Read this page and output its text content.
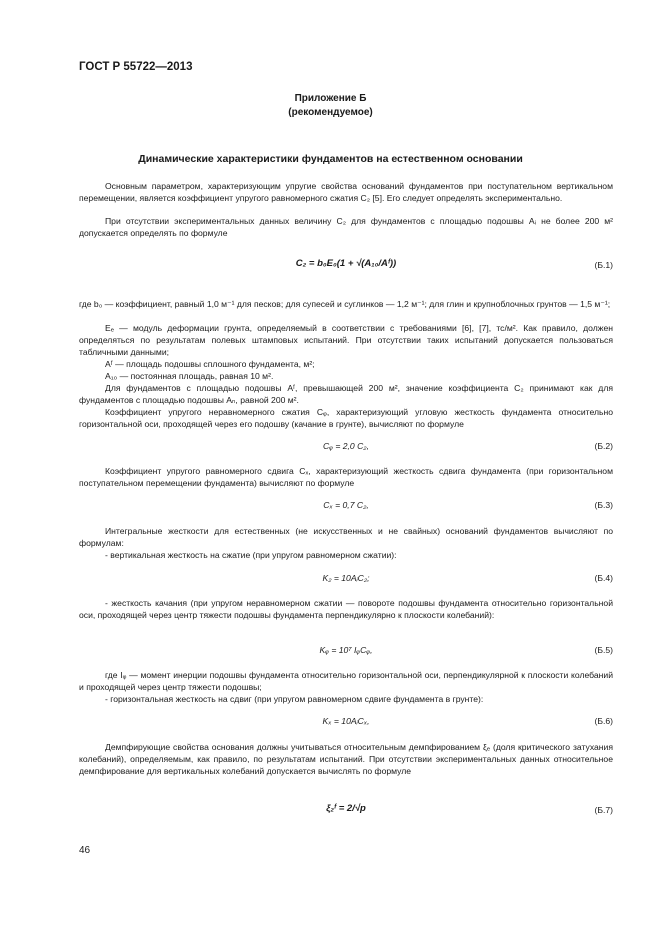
ГОСТ Р 55722—2013
Приложение Б
(рекомендуемое)
Динамические характеристики фундаментов на естественном основании
Основным параметром, характеризующим упругие свойства оснований фундаментов при поступательном вертикальном перемещении, является коэффициент упругого равномерного сжатия C₂ [5]. Его следует определять экспериментально.
При отсутствии экспериментальных данных величину C₂ для фундаментов с площадью подошвы Aᵢ не более 200 м² допускается определять по формуле
C₂ = b₀E₀(1 + √(A₁₀/Aᶠ))	(Б.1)
где b₀ — коэффициент, равный 1,0 м⁻¹ для песков; для супесей и суглинков — 1,2 м⁻¹; для глин и крупноблочных грунтов — 1,5 м⁻¹;
Eₑ — модуль деформации грунта, определяемый в соответствии с требованиями [6], [7], тс/м². Как правило, должен определяться по результатам полевых штамповых испытаний. При отсутствии таких испытаний допускается пользоваться табличными данными;
Aᶠ — площадь подошвы сплошного фундамента, м²;
A₁₀ — постоянная площадь, равная 10 м².
Для фундаментов с площадью подошвы Aᶠ, превышающей 200 м², значение коэффициента C₂ принимают как для фундаментов с площадью подошвы Aₙ, равной 200 м².
Коэффициент упругого неравномерного сжатия Cᵩ, характеризующий угловую жесткость фундамента относительно горизонтальной оси, проходящей через его подошву (качание в грунте), вычисляют по формуле
Cᵩ = 2,0 C₂,	(Б.2)
Коэффициент упругого равномерного сдвига Cₓ, характеризующий жесткость сдвига фундамента (при горизонтальном поступательном перемещении фундамента) вычисляют по формуле
Cₓ = 0,7 C₂,	(Б.3)
Интегральные жесткости для естественных (не искусственных и не свайных) оснований фундаментов вычисляют по формулам:
- вертикальная жесткость на сжатие (при упругом равномерном сжатии):
K₂ = 10AᵢC₂;	(Б.4)
- жесткость качания (при упругом неравномерном сжатии — повороте подошвы фундамента относительно горизонтальной оси, проходящей через центр тяжести подошвы фундамента перпендикулярно к плоскости колебаний):
Kᵩ = 10⁷ IᵩCᵩ,	(Б.5)
где Iᵩ — момент инерции подошвы фундамента относительно горизонтальной оси, перпендикулярной к плоскости колебаний и проходящей через центр тяжести подошвы;
- горизонтальная жесткость на сдвиг (при упругом равномерном сдвиге фундамента в грунте):
Kₓ = 10AᵢCₓ,	(Б.6)
Демпфирующие свойства основания должны учитываться относительным демпфированием ξₑ (доля критического затухания колебаний), определяемым, как правило, по результатам испытаний. При отсутствии экспериментальных данных относительное демпфирование для вертикальных колебаний допускается вычислять по формуле
ξ₂ᶠ = 2/√p	(Б.7)
46
